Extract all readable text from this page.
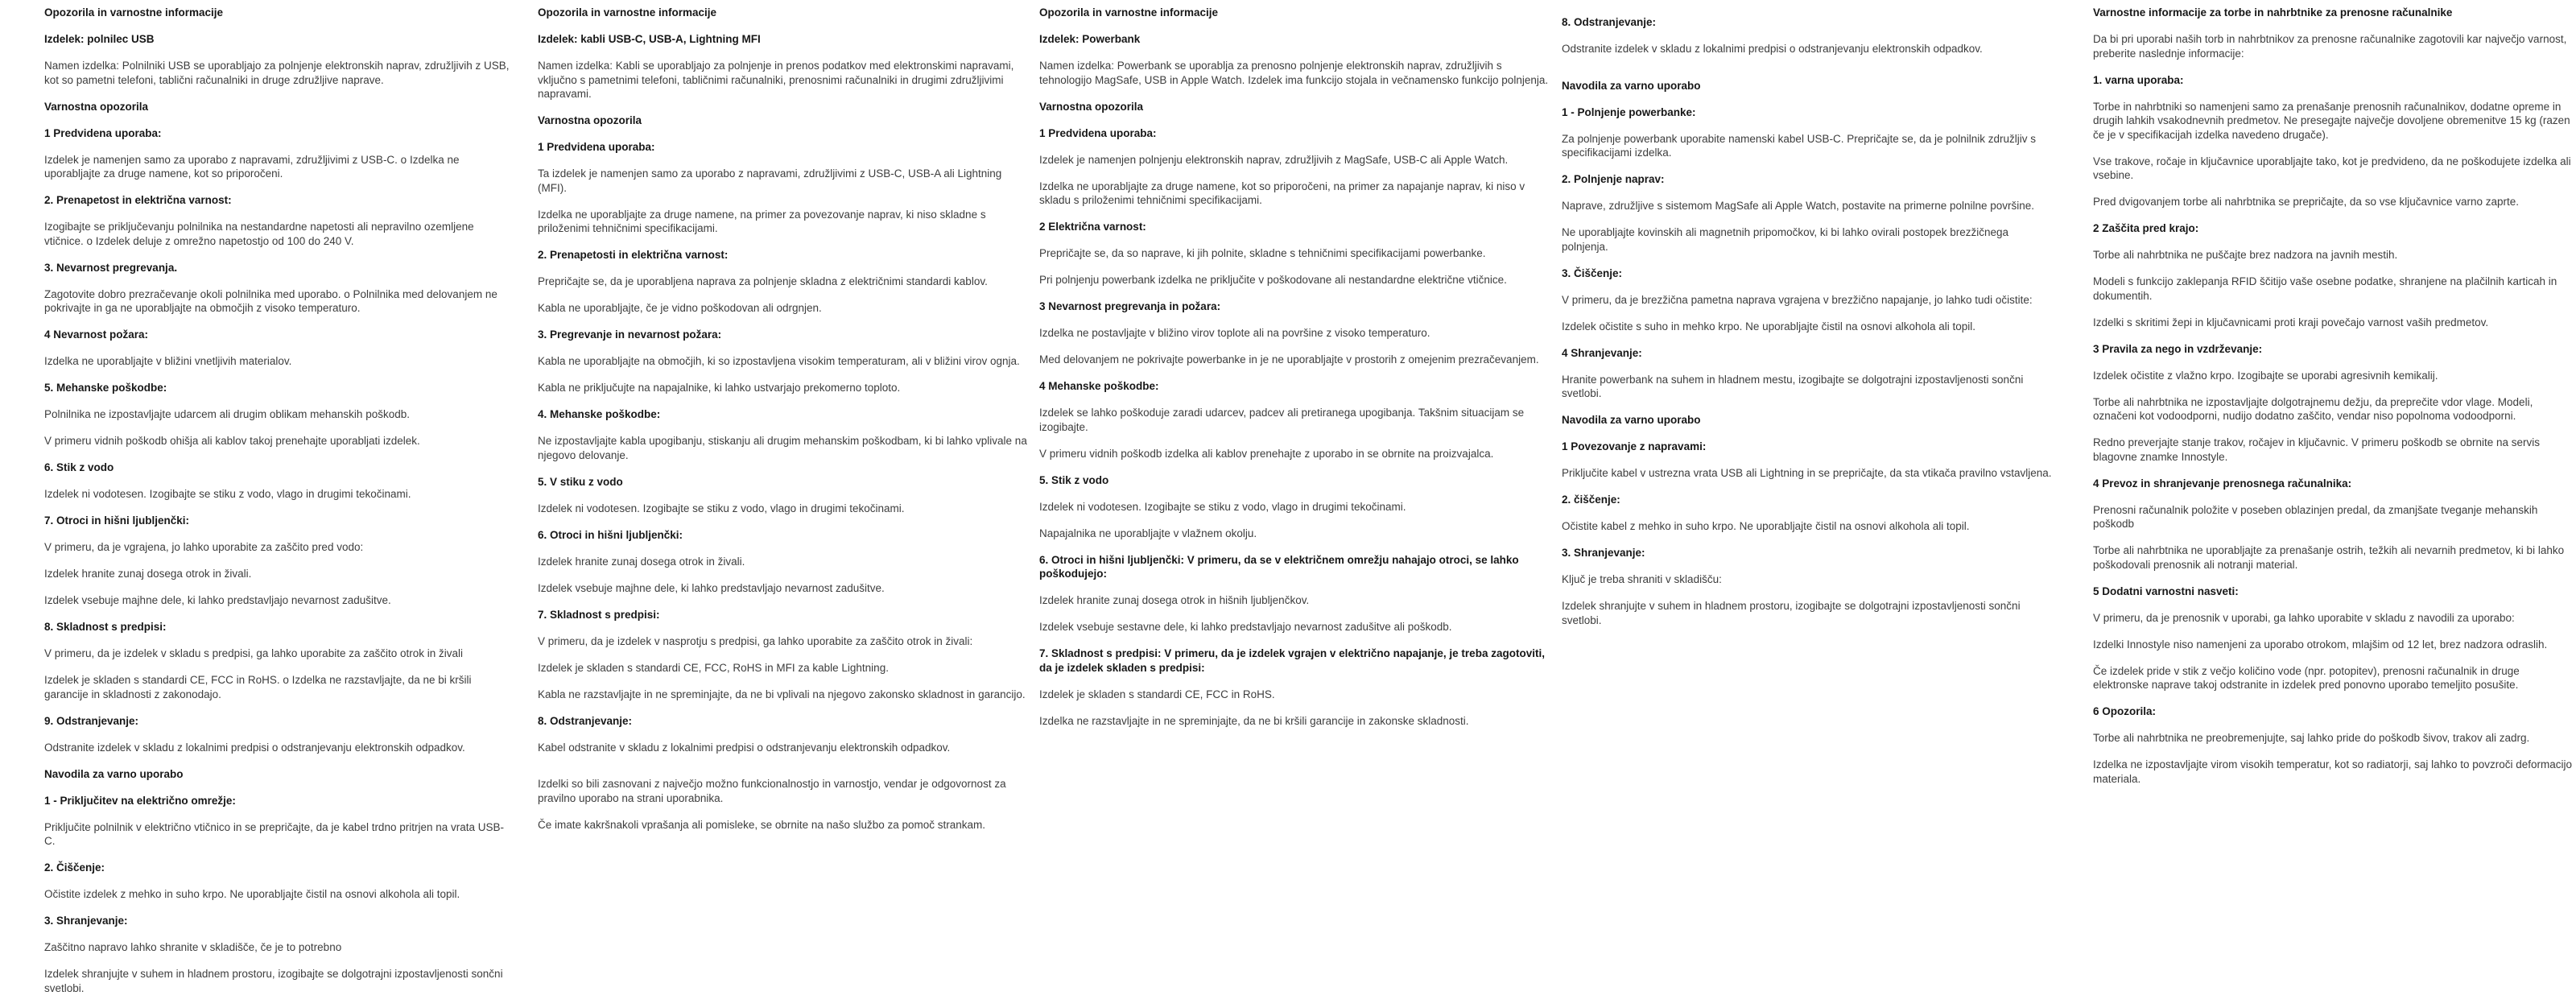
Opozorila in varnostne informacije
Izdelek: polnilec USB

Namen izdelka: Polnilniki USB se uporabljajo za polnjenje elektronskih naprav, združljivih z USB, kot so pametni telefoni, tablični računalniki in druge združljive naprave.

Varnostna opozorila
1 Predvidena uporaba:

Izdelek je namenjen samo za uporabo z napravami, združljivimi z USB-C. o Izdelka ne uporabljajte za druge namene, kot so priporočeni.

2. Prenapetost in električna varnost:

Izogibajte se priključevanju polnilnika na nestandardne napetosti ali nepravilno ozemljene vtičnice. o Izdelek deluje z omrežno napetostjo od 100 do 240 V.

3. Nevarnost pregrevanja.

Zagotovite dobro prezračevanje okoli polnilnika med uporabo. o Polnilnika med delovanjem ne pokrivajte in ga ne uporabljajte na območjih z visoko temperaturo.

4 Nevarnost požara:

Izdelka ne uporabljajte v bližini vnetljivih materialov.

5. Mehanske poškodbe:

Polnilnika ne izpostavljajte udarcem ali drugim oblikam mehanskih poškodb.

V primeru vidnih poškodb ohišja ali kablov takoj prenehajte uporabljati izdelek.

6. Stik z vodo

Izdelek ni vodotesen. Izogibajte se stiku z vodo, vlago in drugimi tekočinami.

7. Otroci in hišni ljubljenčki:

V primeru, da je vgrajena, jo lahko uporabite za zaščito pred vodo:

Izdelek hranite zunaj dosega otrok in živali.

Izdelek vsebuje majhne dele, ki lahko predstavljajo nevarnost zadušitve.

8. Skladnost s predpisi:

V primeru, da je izdelek v skladu s predpisi, ga lahko uporabite za zaščito otrok in živali

Izdelek je skladen s standardi CE, FCC in RoHS. o Izdelka ne razstavljajte, da ne bi kršili garancije in skladnosti z zakonodajo.

9. Odstranjevanje:

Odstranite izdelek v skladu z lokalnimi predpisi o odstranjevanju elektronskih odpadkov.

Navodila za varno uporabo
1 - Priključitev na električno omrežje:

Priključite polnilnik v električno vtičnico in se prepričajte, da je kabel trdno pritrjen na vrata USB-C.

2. Čiščenje:

Očistite izdelek z mehko in suho krpo. Ne uporabljajte čistil na osnovi alkohola ali topil.

3. Shranjevanje:

Zaščitno napravo lahko shranite v skladišče, če je to potrebno

Izdelek shranjujte v suhem in hladnem prostoru, izogibajte se dolgotrajni izpostavljenosti sončni svetlobi.

Opozorila in varnostne informacije
Izdelek: kabli USB-C, USB-A, Lightning MFI

Namen izdelka: Kabli se uporabljajo za polnjenje in prenos podatkov med elektronskimi napravami, vključno s pametnimi telefoni, tabličnimi računalniki, prenosnimi računalniki in drugimi združljivimi napravami.

Varnostna opozorila
1 Predvidena uporaba:

Ta izdelek je namenjen samo za uporabo z napravami, združljivimi z USB-C, USB-A ali Lightning (MFI).

Izdelka ne uporabljajte za druge namene, na primer za povezovanje naprav, ki niso skladne s priloženimi tehničnimi specifikacijami.

2. Prenapetosti in električna varnost:

Prepričajte se, da je uporabljena naprava za polnjenje skladna z električnimi standardi kablov.

Kabla ne uporabljajte, če je vidno poškodovan ali odrgnjen.

3. Pregrevanje in nevarnost požara:

Kabla ne uporabljajte na območjih, ki so izpostavljena visokim temperaturam, ali v bližini virov ognja.

Kabla ne priključujte na napajalnike, ki lahko ustvarjajo prekomerno toploto.

4. Mehanske poškodbe:

Ne izpostavljajte kabla upogibanju, stiskanju ali drugim mehanskim poškodbam, ki bi lahko vplivale na njegovo delovanje.

5. V stiku z vodo

Izdelek ni vodotesen. Izogibajte se stiku z vodo, vlago in drugimi tekočinami.

6. Otroci in hišni ljubljenčki:

Izdelek hranite zunaj dosega otrok in živali.

Izdelek vsebuje majhne dele, ki lahko predstavljajo nevarnost zadušitve.

7. Skladnost s predpisi:

V primeru, da je izdelek v nasprotju s predpisi, ga lahko uporabite za zaščito otrok in živali:

Izdelek je skladen s standardi CE, FCC, RoHS in MFI za kable Lightning.

Kabla ne razstavljajte in ne spreminjajte, da ne bi vplivali na njegovo zakonsko skladnost in garancijo.

8. Odstranjevanje:

Kabel odstranite v skladu z lokalnimi predpisi o odstranjevanju elektronskih odpadkov.

Izdelki so bili zasnovani z največjo možno funkcionalnostjo in varnostjo, vendar je odgovornost za pravilno uporabo na strani uporabnika.

Če imate kakršnakoli vprašanja ali pomisleke, se obrnite na našo službo za pomoč strankam.

Opozorila in varnostne informacije
Izdelek: Powerbank

Namen izdelka: Powerbank se uporablja za prenosno polnjenje elektronskih naprav, združljivih s tehnologijo MagSafe, USB in Apple Watch. Izdelek ima funkcijo stojala in večnamensko funkcijo polnjenja.

Varnostna opozorila
1 Predvidena uporaba:

Izdelek je namenjen polnjenju elektronskih naprav, združljivih z MagSafe, USB-C ali Apple Watch.

Izdelka ne uporabljajte za druge namene, kot so priporočeni, na primer za napajanje naprav, ki niso v skladu s priloženimi tehničnimi specifikacijami.

2 Električna varnost:

Prepričajte se, da so naprave, ki jih polnite, skladne s tehničnimi specifikacijami powerbanke.

Pri polnjenju powerbank izdelka ne priključite v poškodovane ali nestandardne električne vtičnice.

3 Nevarnost pregrevanja in požara:

Izdelka ne postavljajte v bližino virov toplote ali na površine z visoko temperaturo.

Med delovanjem ne pokrivajte powerbanke in je ne uporabljajte v prostorih z omejenim prezračevanjem.

4 Mehanske poškodbe:

Izdelek se lahko poškoduje zaradi udarcev, padcev ali pretiranega upogibanja. Takšnim situacijam se izogibajte.

V primeru vidnih poškodb izdelka ali kablov prenehajte z uporabo in se obrnite na proizvajalca.

5. Stik z vodo

Izdelek ni vodotesen. Izogibajte se stiku z vodo, vlago in drugimi tekočinami.

Napajalnika ne uporabljajte v vlažnem okolju.

6. Otroci in hišni ljubljenčki: V primeru, da se v električnem omrežju nahajajo otroci, se lahko poškodujejo:

Izdelek hranite zunaj dosega otrok in hišnih ljubljenčkov.

Izdelek vsebuje sestavne dele, ki lahko predstavljajo nevarnost zadušitve ali poškodb.

7. Skladnost s predpisi: V primeru, da je izdelek vgrajen v električno napajanje, je treba zagotoviti, da je izdelek skladen s predpisi:

Izdelek je skladen s standardi CE, FCC in RoHS.

Izdelka ne razstavljajte in ne spreminjajte, da ne bi kršili garancije in zakonske skladnosti.

8. Odstranjevanje:

Odstranite izdelek v skladu z lokalnimi predpisi o odstranjevanju elektronskih odpadkov.

Navodila za varno uporabo
1 - Polnjenje powerbanke:

Za polnjenje powerbank uporabite namenski kabel USB-C. Prepričajte se, da je polnilnik združljiv s specifikacijami izdelka.

2. Polnjenje naprav:

Naprave, združljive s sistemom MagSafe ali Apple Watch, postavite na primerne polnilne površine.

Ne uporabljajte kovinskih ali magnetnih pripomočkov, ki bi lahko ovirali postopek brezžičnega polnjenja.

3. Čiščenje:

V primeru, da je brezžična pametna naprava vgrajena v brezžično napajanje, jo lahko tudi očistite:

Izdelek očistite s suho in mehko krpo. Ne uporabljajte čistil na osnovi alkohola ali topil.

4 Shranjevanje:

Hranite powerbank na suhem in hladnem mestu, izogibajte se dolgotrajni izpostavljenosti sončni svetlobi.

Navodila za varno uporabo
1 Povezovanje z napravami:

Priključite kabel v ustrezna vrata USB ali Lightning in se prepričajte, da sta vtikača pravilno vstavljena.

2. čiščenje:

Očistite kabel z mehko in suho krpo. Ne uporabljajte čistil na osnovi alkohola ali topil.

3. Shranjevanje:

Ključ je treba shraniti v skladišču:

Izdelek shranjujte v suhem in hladnem prostoru, izogibajte se dolgotrajni izpostavljenosti sončni svetlobi.

Varnostne informacije za torbe in nahrbtnike za prenosne računalnike

Da bi pri uporabi naših torb in nahrbtnikov za prenosne računalnike zagotovili kar največjo varnost, preberite naslednje informacije:

1. varna uporaba:

Torbe in nahrbtniki so namenjeni samo za prenašanje prenosnih računalnikov, dodatne opreme in drugih lahkih vsakodnevnih predmetov. Ne presegajte največje dovoljene obremenitve 15 kg (razen če je v specifikacijah izdelka navedeno drugače).

Vse trakove, ročaje in ključavnice uporabljajte tako, kot je predvideno, da ne poškodujete izdelka ali vsebine.

Pred dvigovanjem torbe ali nahrbtnika se prepričajte, da so vse ključavnice varno zaprte.

2 Zaščita pred krajo:

Torbe ali nahrbtnika ne puščajte brez nadzora na javnih mestih.

Modeli s funkcijo zaklepanja RFID ščitijo vaše osebne podatke, shranjene na plačilnih karticah in dokumentih.

Izdelki s skritimi žepi in ključavnicami proti kraji povečajo varnost vaših predmetov.

3 Pravila za nego in vzdrževanje:

Izdelek očistite z vlažno krpo. Izogibajte se uporabi agresivnih kemikalij.

Torbe ali nahrbtnika ne izpostavljajte dolgotrajnemu dežju, da preprečite vdor vlage. Modeli, označeni kot vodoodporni, nudijo dodatno zaščito, vendar niso popolnoma vodoodporni.

Redno preverjajte stanje trakov, ročajev in ključavnic. V primeru poškodb se obrnite na servis blagovne znamke Innostyle.

4 Prevoz in shranjevanje prenosnega računalnika:

Prenosni računalnik položite v poseben oblazinjen predal, da zmanjšate tveganje mehanskih poškodb

Torbe ali nahrbtnika ne uporabljajte za prenašanje ostrih, težkih ali nevarnih predmetov, ki bi lahko poškodovali prenosnik ali notranji material.

5 Dodatni varnostni nasveti:

V primeru, da je prenosnik v uporabi, ga lahko uporabite v skladu z navodili za uporabo:

Izdelki Innostyle niso namenjeni za uporabo otrokom, mlajšim od 12 let, brez nadzora odraslih.

Če izdelek pride v stik z večjo količino vode (npr. potopitev), prenosni računalnik in druge elektronske naprave takoj odstranite in izdelek pred ponovno uporabo temeljito posušite.

6 Opozorila:

Torbe ali nahrbtnika ne preobremenjujte, saj lahko pride do poškodb šivov, trakov ali zadrg.

Izdelka ne izpostavljajte virom visokih temperatur, kot so radiatorji, saj lahko to povzroči deformacijo materiala.
